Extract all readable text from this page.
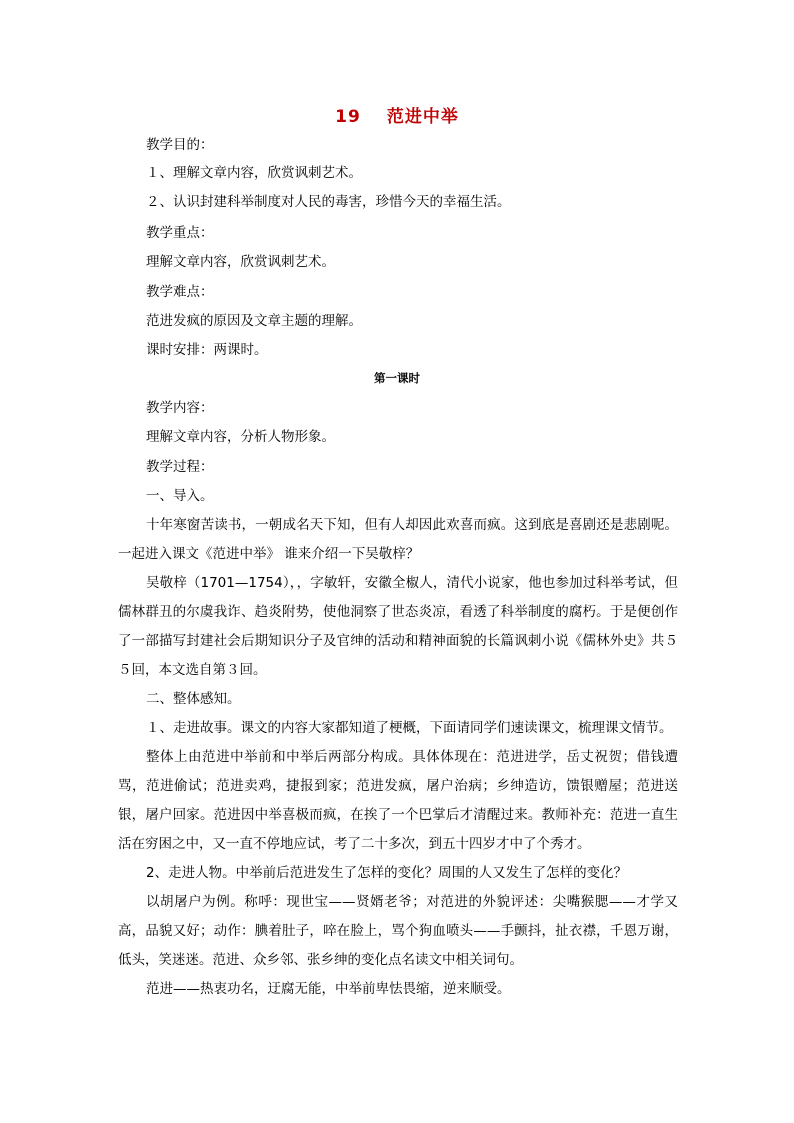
19 范进中举
教学目的：
１、理解文章内容，欣赏讽刺艺术。
２、认识封建科举制度对人民的毒害，珍惜今天的幸福生活。
教学重点：
理解文章内容，欣赏讽刺艺术。
教学难点：
范进发疯的原因及文章主题的理解。
课时安排：两课时。
第一课时
教学内容：
理解文章内容，分析人物形象。
教学过程：
一、导入。

十年寒窗苦读书，一朝成名天下知，但有人却因此欢喜而疯。这到底是喜剧还是悲剧呢。一起进入课文《范进中举》 谁来介绍一下吴敬梓？

吴敬梓（1701—1754），，字敏轩，安徽全椒人，清代小说家，他也参加过科举考试，但儒林群丑的尔虞我诈、趋炎附势，使他洞察了世态炎凉，看透了科举制度的腐朽。于是便创作了一部描写封建社会后期知识分子及官绅的活动和精神面貌的长篇讽刺小说《儒林外史》共５５回，本文选自第３回。

二、整体感知。

１、走进故事。课文的内容大家都知道了梗概，下面请同学们速读课文，梳理课文情节。

整体上由范进中举前和中举后两部分构成。具体体现在：范进进学，岳丈祝贺；借钱遭骂，范进偷试；范进卖鸡，捷报到家；范进发疯，屠户治病；乡绅造访，馈银赠屋；范进送银，屠户回家。范进因中举喜极而疯，在挨了一个巴掌后才清醒过来。教师补充：范进一直生活在穷困之中，又一直不停地应试，考了二十多次，到五十四岁才中了个秀才。

2、走进人物。中举前后范进发生了怎样的变化？周围的人又发生了怎样的变化？

以胡屠户为例。称呼：现世宝——贤婿老爷；对范进的外貌评述：尖嘴猴腮——才学又高，品貌又好；动作：腆着肚子，啐在脸上，骂个狗血喷头——手颤抖，扯衣襟，千恩万谢，低头，笑迷迷。范进、众乡邻、张乡绅的变化点名读文中相关词句。

范进——热衷功名，迂腐无能，中举前卑怯畏缩，逆来顺受。
